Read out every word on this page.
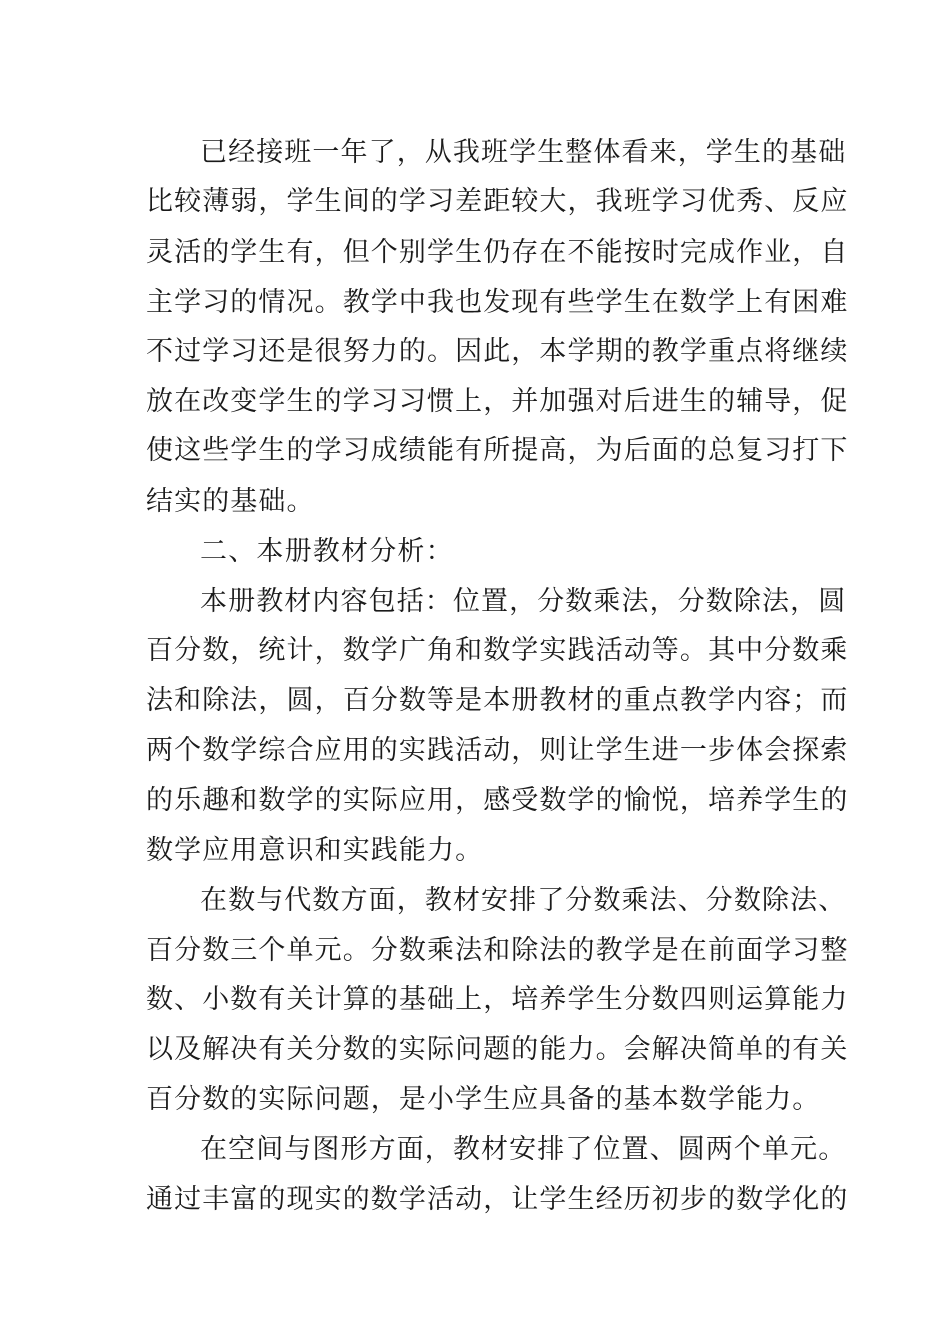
已经接班一年了，从我班学生整体看来，学生的基础
比较薄弱，学生间的学习差距较大，我班学习优秀、反应
灵活的学生有，但个别学生仍存在不能按时完成作业，自
主学习的情况。教学中我也发现有些学生在数学上有困难
不过学习还是很努力的。因此，本学期的教学重点将继续
放在改变学生的学习习惯上，并加强对后进生的辅导，促
使这些学生的学习成绩能有所提高，为后面的总复习打下
结实的基础。
二、本册教材分析：
本册教材内容包括：位置，分数乘法，分数除法，圆
百分数，统计，数学广角和数学实践活动等。其中分数乘
法和除法，圆，百分数等是本册教材的重点教学内容；而
两个数学综合应用的实践活动，则让学生进一步体会探索
的乐趣和数学的实际应用，感受数学的愉悦，培养学生的
数学应用意识和实践能力。
在数与代数方面，教材安排了分数乘法、分数除法、
百分数三个单元。分数乘法和除法的教学是在前面学习整
数、小数有关计算的基础上，培养学生分数四则运算能力
以及解决有关分数的实际问题的能力。会解决简单的有关
百分数的实际问题，是小学生应具备的基本数学能力。
在空间与图形方面，教材安排了位置、圆两个单元。
通过丰富的现实的数学活动，让学生经历初步的数学化的
